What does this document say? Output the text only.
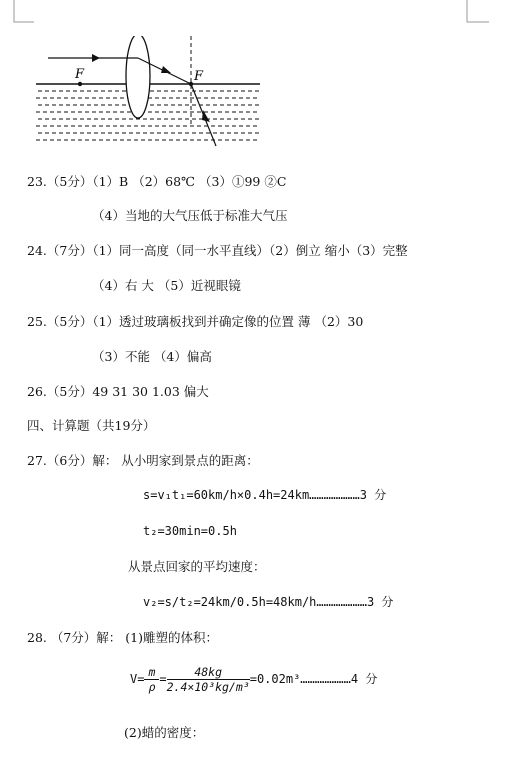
F	F
23.（5分）（1）B （2）68℃ （3）①99 ②C
（4）当地的大气压低于标准大气压
24.（7分）（1）同一高度（同一水平直线）（2）倒立 缩小（3）完整
（4）右 大 （5）近视眼镜
25.（5分）（1）透过玻璃板找到并确定像的位置 薄 （2）30
（3）不能 （4）偏高
26.（5分）49 31 30 1.03 偏大
四、计算题（共19分）
27.（6分）解： 从小明家到景点的距离：
s=v₁t₁=60km/h×0.4h=24km…………………3 分
t₂=30min=0.5h
从景点回家的平均速度：
v₂=s/t₂=24km/0.5h=48km/h…………………3 分
28. （7分）解： (1)雕塑的体积：
$V= \frac{m}{\rho} = \frac{48kg}{\text{2.4×10³kg/m³}}$ =0.02m³…………………4 分
(2)蜡的密度：
